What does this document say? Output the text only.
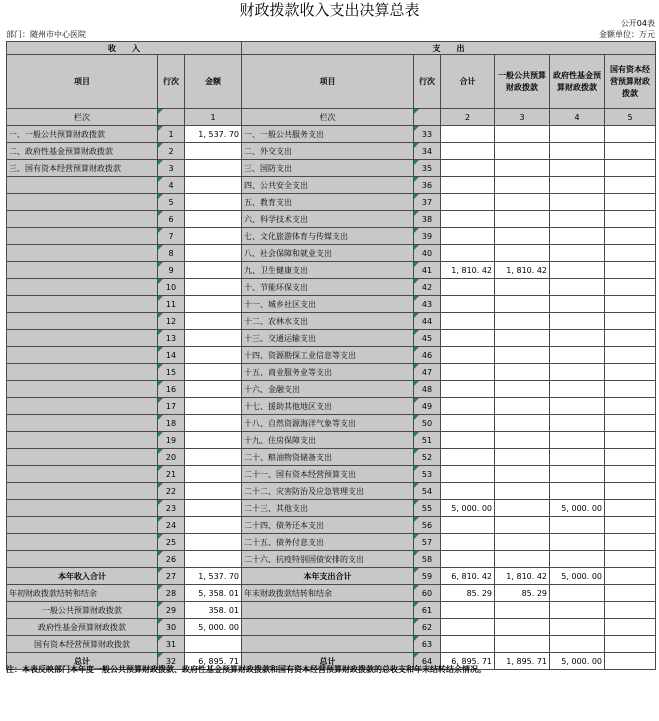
财政拨款收入支出决算总表
公开04表
部门：随州市中心医院	金额单位：万元
收　　入			支　　出					
项目	行次	金额	项目	行次	合计	一般公共预算财政拨款	政府性基金预算财政拨款	国有资本经营预算财政拨款
栏次		1	栏次		2	3	4	5
一、一般公共预算财政拨款	1	1, 537. 70	一、一般公共服务支出	33				
二、政府性基金预算财政拨款	2		二、外交支出	34				
三、国有资本经营预算财政拨款	3		三、国防支出	35				
	4		四、公共安全支出	36				
	5		五、教育支出	37				
	6		六、科学技术支出	38				
	7		七、文化旅游体育与传媒支出	39				
	8		八、社会保障和就业支出	40				
	9		九、卫生健康支出	41	1, 810. 42	1, 810. 42		
	10		十、节能环保支出	42				
	11		十一、城乡社区支出	43				
	12		十二、农林水支出	44				
	13		十三、交通运输支出	45				
	14		十四、资源勘探工业信息等支出	46				
	15		十五、商业服务业等支出	47				
	16		十六、金融支出	48				
	17		十七、援助其他地区支出	49				
	18		十八、自然资源海洋气象等支出	50				
	19		十九、住房保障支出	51				
	20		二十、粮油物资储备支出	52				
	21		二十一、国有资本经营预算支出	53				
	22		二十二、灾害防治及应急管理支出	54				
	23		二十三、其他支出	55	5, 000. 00		5, 000. 00	
	24		二十四、债务还本支出	56				
	25		二十五、债务付息支出	57				
	26		二十六、抗疫特别国债安排的支出	58				
本年收入合计	27	1, 537. 70	本年支出合计	59	6, 810. 42	1, 810. 42	5, 000. 00	
年初财政拨款结转和结余	28	5, 358. 01	年末财政拨款结转和结余	60	85. 29	85. 29		
一般公共预算财政拨款	29	358. 01		61				
政府性基金预算财政拨款	30	5, 000. 00		62				
国有资本经营预算财政拨款	31			63				
总计	32	6, 895. 71	总计	64	6, 895. 71	1, 895. 71	5, 000. 00	
注：本表反映部门本年度一般公共预算财政拨款、政府性基金预算财政拨款和国有资本经营预算财政拨款的总收支和年末结转结余情况。
